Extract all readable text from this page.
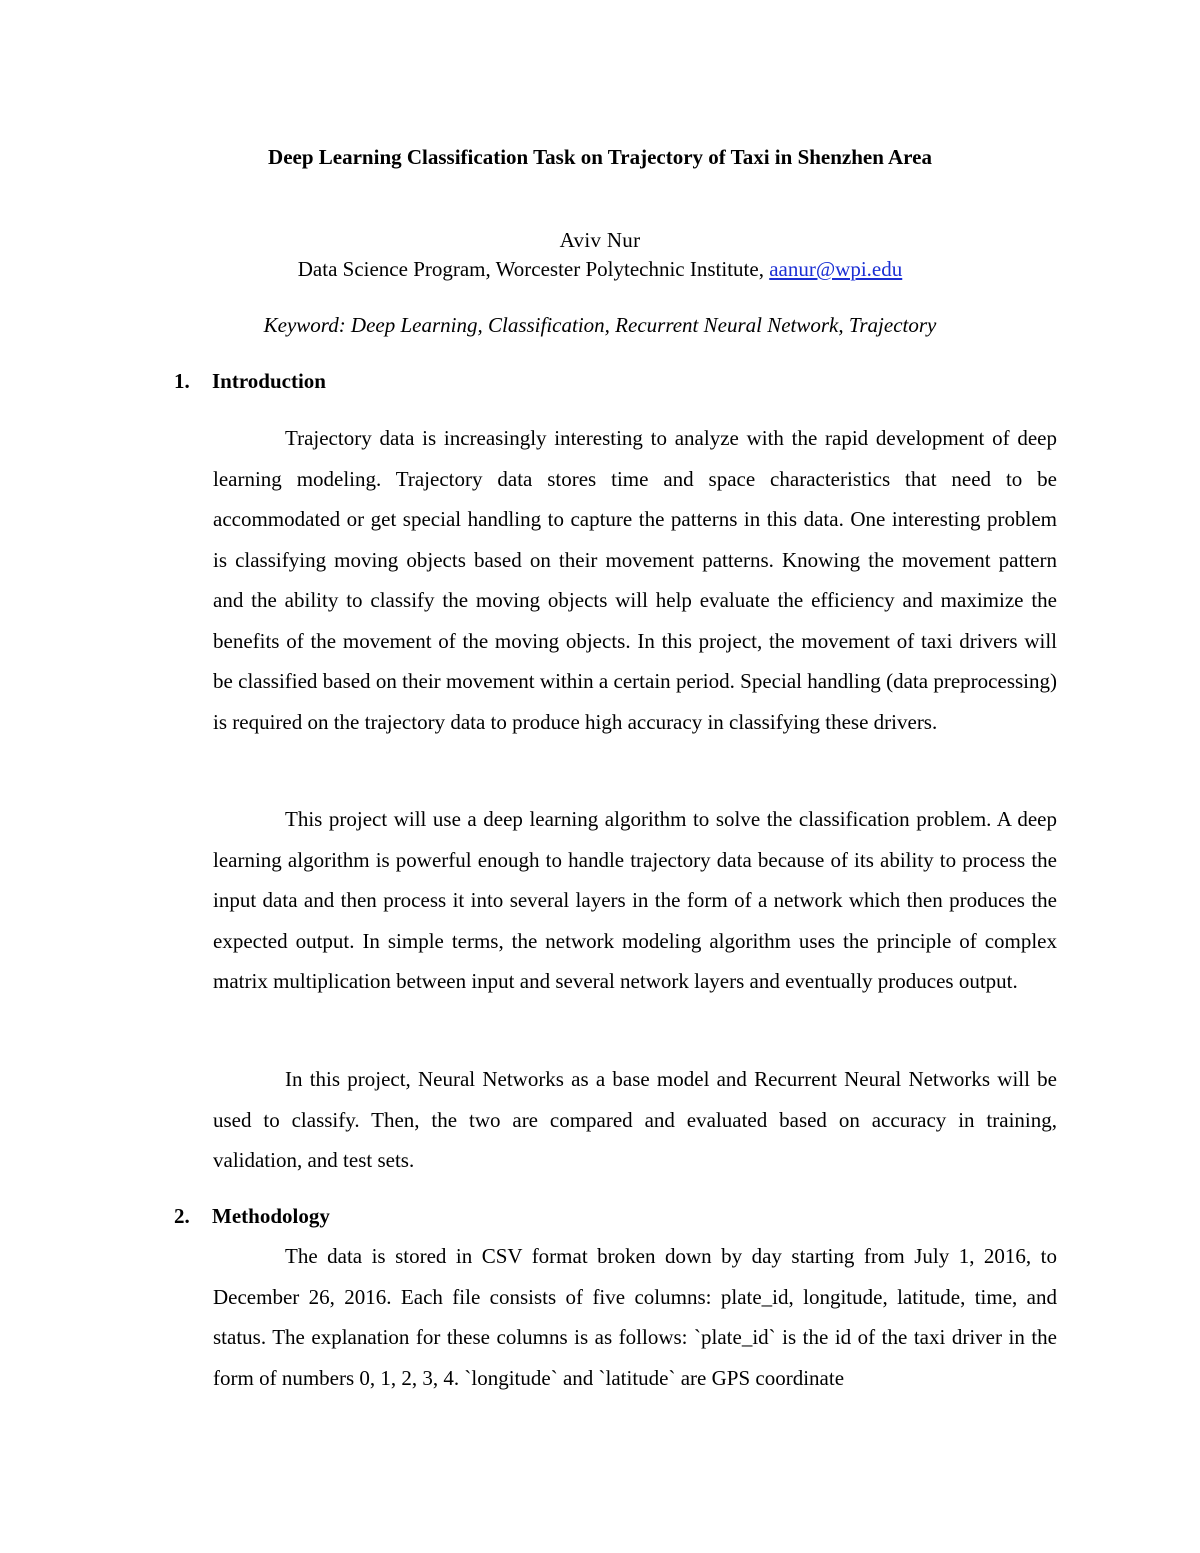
Deep Learning Classification Task on Trajectory of Taxi in Shenzhen Area
Aviv Nur
Data Science Program, Worcester Polytechnic Institute, aanur@wpi.edu
Keyword: Deep Learning, Classification, Recurrent Neural Network, Trajectory
1. Introduction

Trajectory data is increasingly interesting to analyze with the rapid development of deep learning modeling. Trajectory data stores time and space characteristics that need to be accommodated or get special handling to capture the patterns in this data. One interesting problem is classifying moving objects based on their movement patterns. Knowing the movement pattern and the ability to classify the moving objects will help evaluate the efficiency and maximize the benefits of the movement of the moving objects. In this project, the movement of taxi drivers will be classified based on their movement within a certain period. Special handling (data preprocessing) is required on the trajectory data to produce high accuracy in classifying these drivers.

This project will use a deep learning algorithm to solve the classification problem. A deep learning algorithm is powerful enough to handle trajectory data because of its ability to process the input data and then process it into several layers in the form of a network which then produces the expected output. In simple terms, the network modeling algorithm uses the principle of complex matrix multiplication between input and several network layers and eventually produces output.

In this project, Neural Networks as a base model and Recurrent Neural Networks will be used to classify. Then, the two are compared and evaluated based on accuracy in training, validation, and test sets.

2. Methodology

The data is stored in CSV format broken down by day starting from July 1, 2016, to December 26, 2016. Each file consists of five columns: plate_id, longitude, latitude, time, and status. The explanation for these columns is as follows: `plate_id` is the id of the taxi driver in the form of numbers 0, 1, 2, 3, 4. `longitude` and `latitude` are GPS coordinate
